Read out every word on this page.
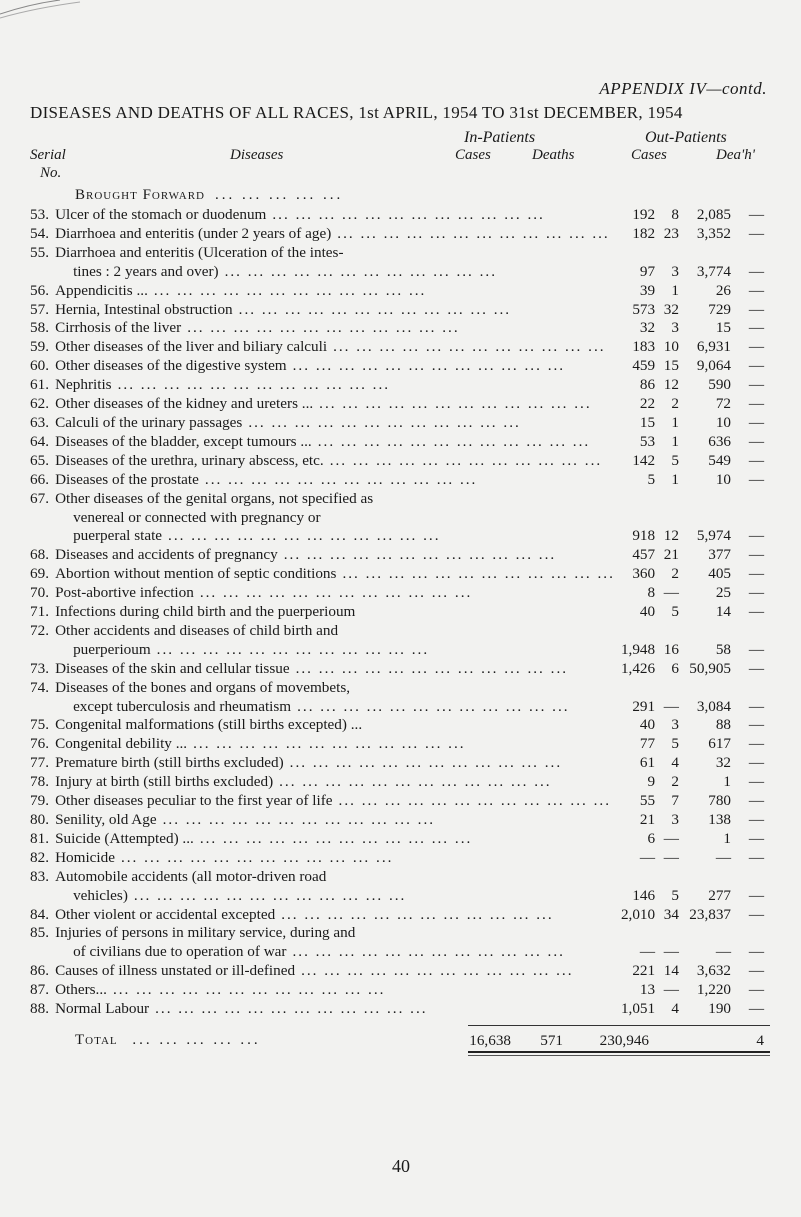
APPENDIX IV—contd.
DISEASES AND DEATHS OF ALL RACES, 1st APRIL, 1954 TO 31st DECEMBER, 1954
In-Patients	Out-Patients
Serial
No.
Diseases	Cases	Deaths	Cases	Dea'h'
Brought Forward ... ... ... ... ...
53.	Ulcer of the stomach or duodenum ... ... ... ... ... ... ... ... ... ... ... ...	192	8	2,085	—
54.	Diarrhoea and enteritis (under 2 years of age) ... ... ... ... ... ... ... ... ... ... ... ...	182	23	3,352	—
55.	Diarrhoea and enteritis (Ulceration of the intes-
tines : 2 years and over) ... ... ... ... ... ... ... ... ... ... ... ...	97	3	3,774	—
56.	Appendicitis ... ... ... ... ... ... ... ... ... ... ... ... ...	39	1	26	—
57.	Hernia, Intestinal obstruction ... ... ... ... ... ... ... ... ... ... ... ...	573	32	729	—
58.	Cirrhosis of the liver ... ... ... ... ... ... ... ... ... ... ... ...	32	3	15	—
59.	Other diseases of the liver and biliary calculi ... ... ... ... ... ... ... ... ... ... ... ...	183	10	6,931	—
60.	Other diseases of the digestive system ... ... ... ... ... ... ... ... ... ... ... ...	459	15	9,064	—
61.	Nephritis ... ... ... ... ... ... ... ... ... ... ... ...	86	12	590	—
62.	Other diseases of the kidney and ureters ... ... ... ... ... ... ... ... ... ... ... ... ...	22	2	72	—
63.	Calculi of the urinary passages ... ... ... ... ... ... ... ... ... ... ... ...	15	1	10	—
64.	Diseases of the bladder, except tumours ... ... ... ... ... ... ... ... ... ... ... ... ...	53	1	636	—
65.	Diseases of the urethra, urinary abscess, etc. ... ... ... ... ... ... ... ... ... ... ... ...	142	5	549	—
66.	Diseases of the prostate ... ... ... ... ... ... ... ... ... ... ... ...	5	1	10	—
67.	Other diseases of the genital organs, not specified as
venereal or connected with pregnancy or
puerperal state ... ... ... ... ... ... ... ... ... ... ... ...	918	12	5,974	—
68.	Diseases and accidents of pregnancy ... ... ... ... ... ... ... ... ... ... ... ...	457	21	377	—
69.	Abortion without mention of septic conditions ... ... ... ... ... ... ... ... ... ... ... ...	360	2	405	—
70.	Post-abortive infection ... ... ... ... ... ... ... ... ... ... ... ...	8	—	25	—
71.	Infections during child birth and the puerperioum	40	5	14	—
72.	Other accidents and diseases of child birth and
puerperioum ... ... ... ... ... ... ... ... ... ... ... ...	1,948	16	58	—
73.	Diseases of the skin and cellular tissue ... ... ... ... ... ... ... ... ... ... ... ...	1,426	6	50,905	—
74.	Diseases of the bones and organs of movembets,
except tuberculosis and rheumatism ... ... ... ... ... ... ... ... ... ... ... ...	291	—	3,084	—
75.	Congenital malformations (still births excepted) ...	40	3	88	—
76.	Congenital debility ... ... ... ... ... ... ... ... ... ... ... ... ...	77	5	617	—
77.	Premature birth (still births excluded) ... ... ... ... ... ... ... ... ... ... ... ...	61	4	32	—
78.	Injury at birth (still births excluded) ... ... ... ... ... ... ... ... ... ... ... ...	9	2	1	—
79.	Other diseases peculiar to the first year of life ... ... ... ... ... ... ... ... ... ... ... ...	55	7	780	—
80.	Senility, old Age ... ... ... ... ... ... ... ... ... ... ... ...	21	3	138	—
81.	Suicide (Attempted) ... ... ... ... ... ... ... ... ... ... ... ... ...	6	—	1	—
82.	Homicide ... ... ... ... ... ... ... ... ... ... ... ...	—	—	—	—
83.	Automobile accidents (all motor-driven road
vehicles) ... ... ... ... ... ... ... ... ... ... ... ...	146	5	277	—
84.	Other violent or accidental excepted ... ... ... ... ... ... ... ... ... ... ... ...	2,010	34	23,837	—
85.	Injuries of persons in military service, during and
of civilians due to operation of war ... ... ... ... ... ... ... ... ... ... ... ...	—	—	—	—
86.	Causes of illness unstated or ill-defined ... ... ... ... ... ... ... ... ... ... ... ...	221	14	3,632	—
87.	Others... ... ... ... ... ... ... ... ... ... ... ... ...	13	—	1,220	—
88.	Normal Labour ... ... ... ... ... ... ... ... ... ... ... ...	1,051	4	190	—
Total ... ... ... ... ...	16,638	571	230,946	4
40
